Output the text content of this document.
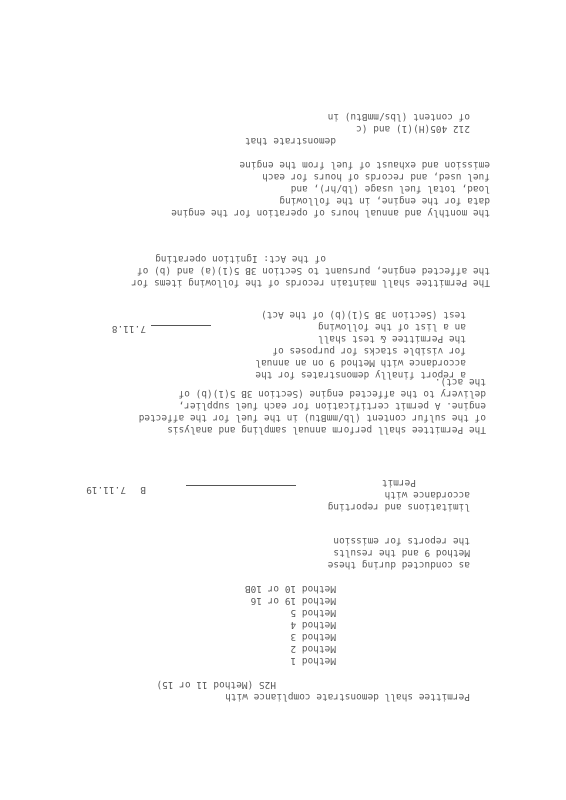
Permittee shall demonstrate compliance with

H2S (Method 11 or 15)

Method 1

Method 2

Method 3

Method 4

Method 5

Method 19 or 16

Method 10 or 10B

as conducted during these

Method 9 and the results

the reports for emission

limitations and reporting

accordance with

Permit

B
7.11.19

The Permittee shall perform annual sampling and analysis

of the sulfur content (lb/mmBtu) in the fuel for the affected

engine. A permit certification for each fuel supplier,

delivery to the affected engine (Section 3B 5(1)(b) of

the act).

7.11.8

a report finally demonstrates for the

accordance with Method 9 on an annual

for visible stacks for purposes of

the Permittee & test shall

an a list of the following

test (Section 3B 5(1)(b) of the Act)

The Permittee shall maintain records of the following items for

the affected engine, pursuant to Section 3B 5(1)(a) and (b) of

of the Act: Ignition operating

the monthly and annual hours of operation for the engine

data for the engine, in the following

load, total fuel usage (lb/hr), and

fuel used, and records of hours for each

emission and exhaust of fuel from the engine

demonstrate that

212 405(H)(1) and (c

of content (lbs/mmBtu) in
